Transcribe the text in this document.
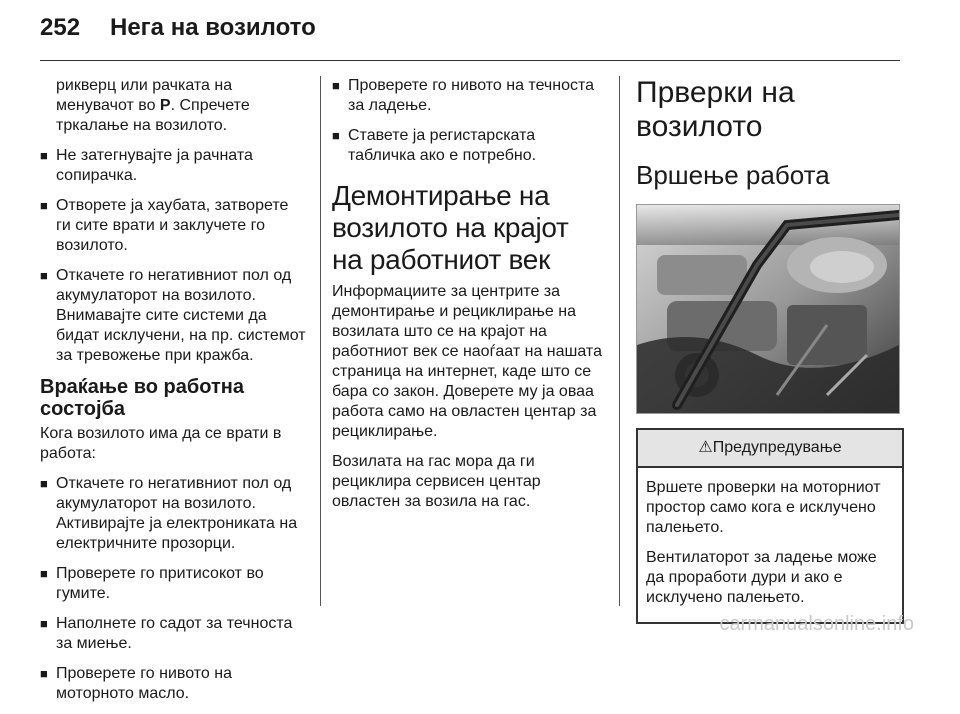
252	Нега на возилото

рикверц или рачката на менувачот во P. Спречете тркалање на возилото.

■ Не затегнувајте ја рачната сопирачка.
■ Отворете ја хаубата, затворете ги сите врати и заклучете го возилото.
■ Откачете го негативниот пол од акумулаторот на возилото. Внимавајте сите системи да бидат исклучени, на пр. системот за тревожење при кражба.
Враќање во работна состојба

Кога возилото има да се врати в работа:

■ Откачете го негативниот пол од акумулаторот на возилото. Активирајте ја електрониката на електричните прозорци.
■ Проверете го притисокот во гумите.
■ Наполнете го садот за течноста за миење.
■ Проверете го нивото на моторното масло.
■ Проверете го нивото на течноста за ладење.
■ Ставете ја регистарската табличка ако е потребно.
Демонтирање на возилото на крајот на работниот век

Информациите за центрите за демонтирање и рециклирање на возилата што се на крајот на работниот век се наоѓаат на нашата страница на интернет, каде што се бара со закон. Доверете му ја оваа работа само на овластен центар за рециклирање.

Возилата на гас мора да ги рециклира сервисен центар овластен за возила на гас.

Прверки на возилото
Вршење работа
⚠Предупредување

Вршете проверки на моторниот простор само кога е исклучено палењето.

Вентилаторот за ладење може да проработи дури и ако е исклучено палењето.

carmanualsonline.info
